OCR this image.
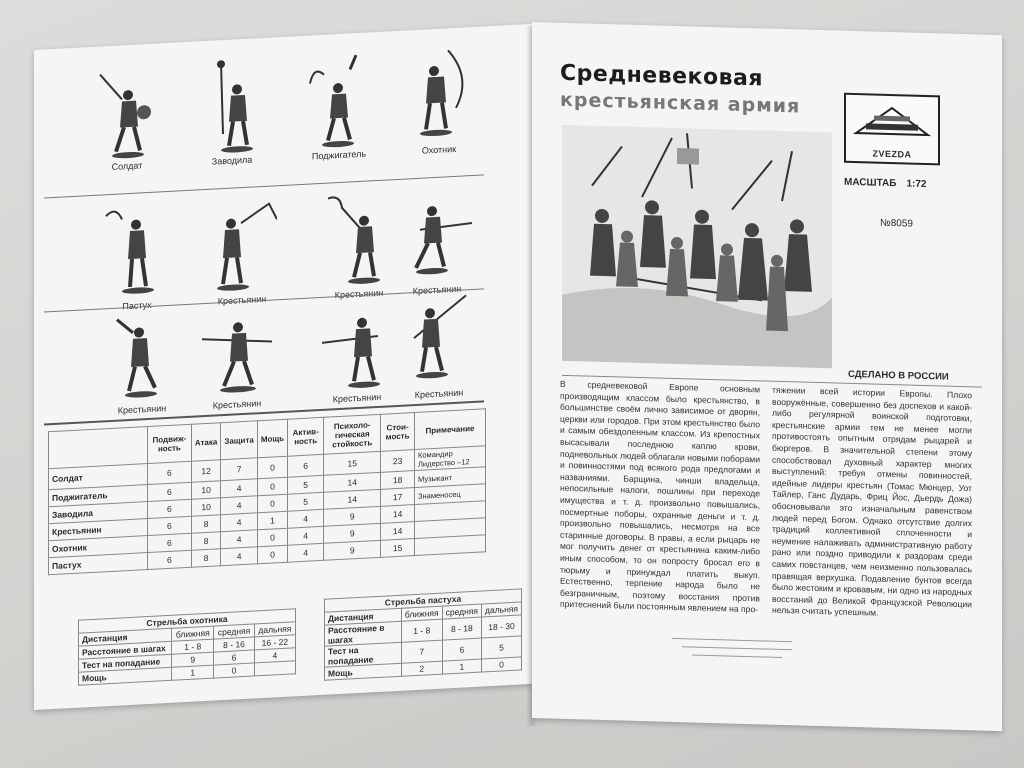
Солдат	Заводила	Поджигатель	Охотник
Пастух	Крестьянин	Крестьянин	Крестьянин
Крестьянин	Крестьянин
Крестьянин	Крестьянин
	Подвиж-ность	Атака	Защита	Мощь	Актив-ность	Психоло-гическая стойкость	Стои-мость	Примечание
Солдат	6	12	7	0	6	15	23	Командир Лидерство –12
Поджигатель	6	10	4	0	5	14	18	Музыкант
Заводила	6	10	4	0	5	14	17	Знаменосец
Крестьянин	6	8	4	1	4	9	14	
Охотник	6	8	4	0	4	9	14	
Пастух	6	8	4	0	4	9	15	
Стрельба охотника			
Дистанция	ближняя	средняя	дальняя
Расстояние в шагах	1 - 8	8 - 16	16 - 22
Тест на попадание	9	6	4
Мощь	1	0	
Стрельба пастуха			
Дистанция	ближняя	средняя	дальняя
Расстояние в шагах	1 - 8	8 - 18	18 - 30
Тест на попадание	7	6	5
Мощь	2	1	0
Средневековая
крестьянская армия
ZVEZDA
МАСШТАБ 1:72
№8059
СДЕЛАНО В РОССИИ
В средневековой Европе основным производящим классом было крестьянство, в большинстве своём лично зависимое от дворян, церкви или городов. При этом крестьянство было и самым обездоленным классом. Из крепостных высасывали последнюю каплю крови, подневольных людей облагали новыми поборами и повинностями под всякого рода предлогами и названиями. Барщина, чинши владельца, непосильные налоги, пошлины при переходе имущества и т. д. произвольно повышались, посмертные поборы, охранные деньги и т. д. произвольно повышались, несмотря на все старинные договоры. В правы, а если рыцарь не мог получить денег от крестьянина каким-либо иным способом, то он попросту бросал его в тюрьму и принуждал платить выкуп. Естественно, терпение народа было не безграничным, поэтому восстания против притеснений были постоянным явлением на про-
тяжении всей истории Европы. Плохо вооружённые, совершенно без доспехов и какой-либо регулярной воинской подготовки, крестьянские армии тем не менее могли противостоять опытным отрядам рыцарей и бюргеров. В значительной степени этому способствовал духовный характер многих выступлений: требуя отмены повинностей, идейные лидеры крестьян (Томас Мюнцер, Уот Тайлер, Ганс Дударь, Фриц Йос, Дьердь Дожа) обосновывали это изначальным равенством людей перед Богом. Однако отсутствие долгих традиций коллективной сплоченности и неумение налаживать административную работу рано или поздно приводили к раздорам среди самих повстанцев, чем неизменно пользовалась правящая верхушка. Подавление бунтов всегда было жестоким и кровавым, ни одно из народных восстаний до Великой Французской Революции нельзя считать успешным.
